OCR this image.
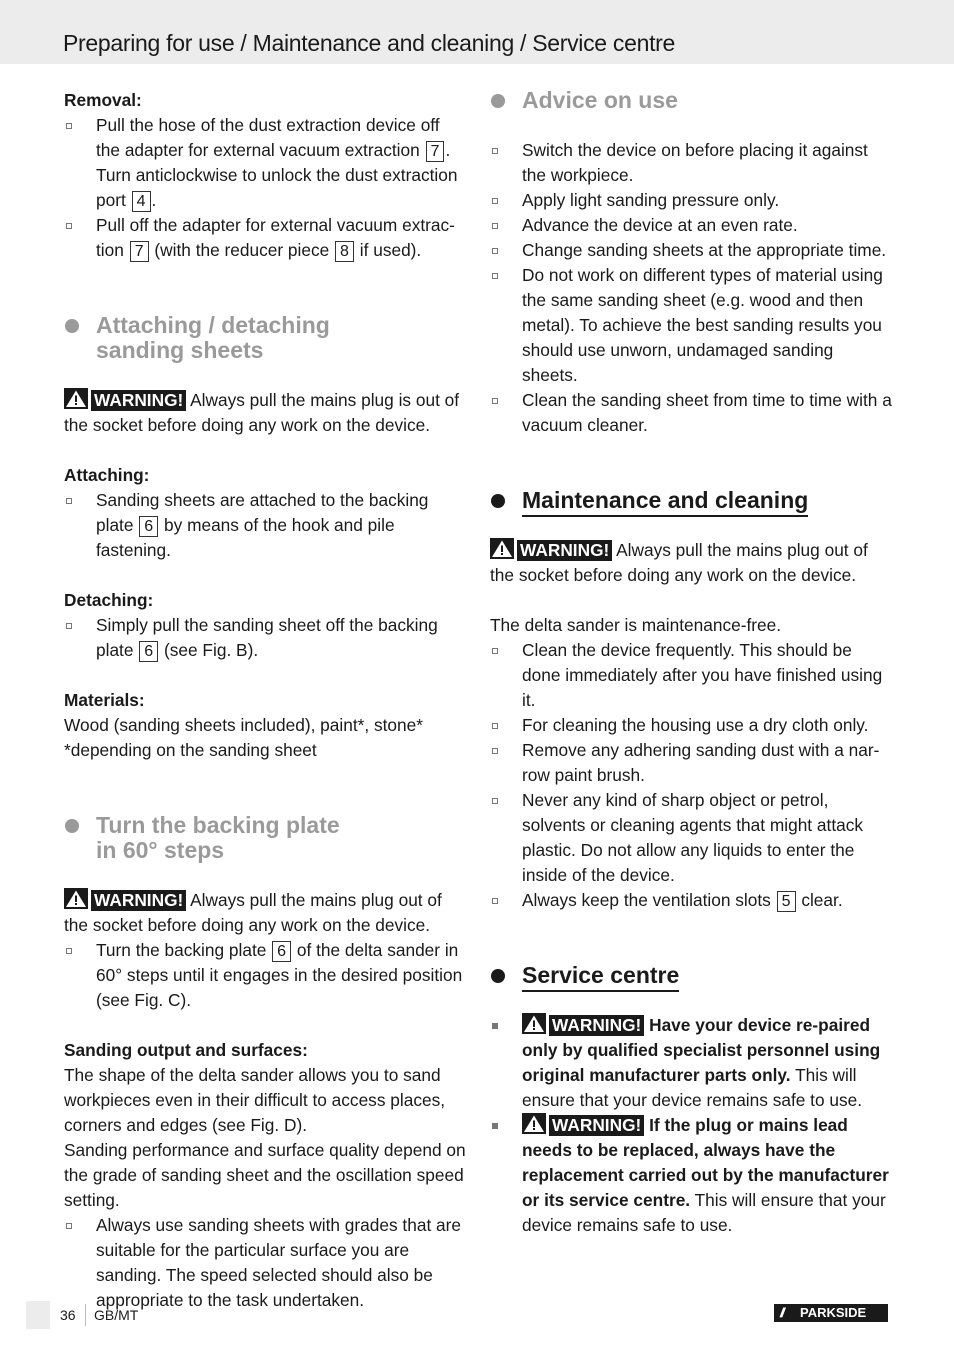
Preparing for use / Maintenance and cleaning / Service centre
Removal:
Pull the hose of the dust extraction device off the adapter for external vacuum extraction 7 . Turn anticlockwise to unlock the dust extraction port 4 .
Pull off the adapter for external vacuum extrac-tion 7 (with the reducer piece 8 if used).
Attaching / detaching
sanding sheets
WARNING! Always pull the mains plug is out of the socket before doing any work on the device.
Attaching:
Sanding sheets are attached to the backing plate 6 by means of the hook and pile fastening.
Detaching:
Simply pull the sanding sheet off the backing plate 6 (see Fig. B).
Materials:
Wood (sanding sheets included), paint*, stone*
*depending on the sanding sheet
Turn the backing plate
in 60° steps
WARNING! Always pull the mains plug out of the socket before doing any work on the device.
Turn the backing plate 6 of the delta sander in 60° steps until it engages in the desired position (see Fig. C).
Sanding output and surfaces:
The shape of the delta sander allows you to sand workpieces even in their difficult to access places, corners and edges (see Fig. D).
Sanding performance and surface quality depend on the grade of sanding sheet and the oscillation speed setting.
Always use sanding sheets with grades that are suitable for the particular surface you are sanding. The speed selected should also be appropriate to the task undertaken.
Advice on use
Switch the device on before placing it against the workpiece.
Apply light sanding pressure only.
Advance the device at an even rate.
Change sanding sheets at the appropriate time.
Do not work on different types of material using the same sanding sheet (e.g. wood and then metal). To achieve the best sanding results you should use unworn, undamaged sanding sheets.
Clean the sanding sheet from time to time with a vacuum cleaner.
Maintenance and cleaning
WARNING! Always pull the mains plug out of the socket before doing any work on the device.
The delta sander is maintenance-free.
Clean the device frequently. This should be done immediately after you have finished using it.
For cleaning the housing use a dry cloth only.
Remove any adhering sanding dust with a nar-row paint brush.
Never any kind of sharp object or petrol, solvents or cleaning agents that might attack plastic. Do not allow any liquids to enter the inside of the device.
Always keep the ventilation slots 5 clear.
Service centre
WARNING! Have your device re-paired only by qualified specialist personnel using original manufacturer parts only. This will ensure that your device remains safe to use.
WARNING! If the plug or mains lead needs to be replaced, always have the replacement carried out by the manufacturer or its service centre. This will ensure that your device remains safe to use.
36 GB/MT	/// PARKSIDE
